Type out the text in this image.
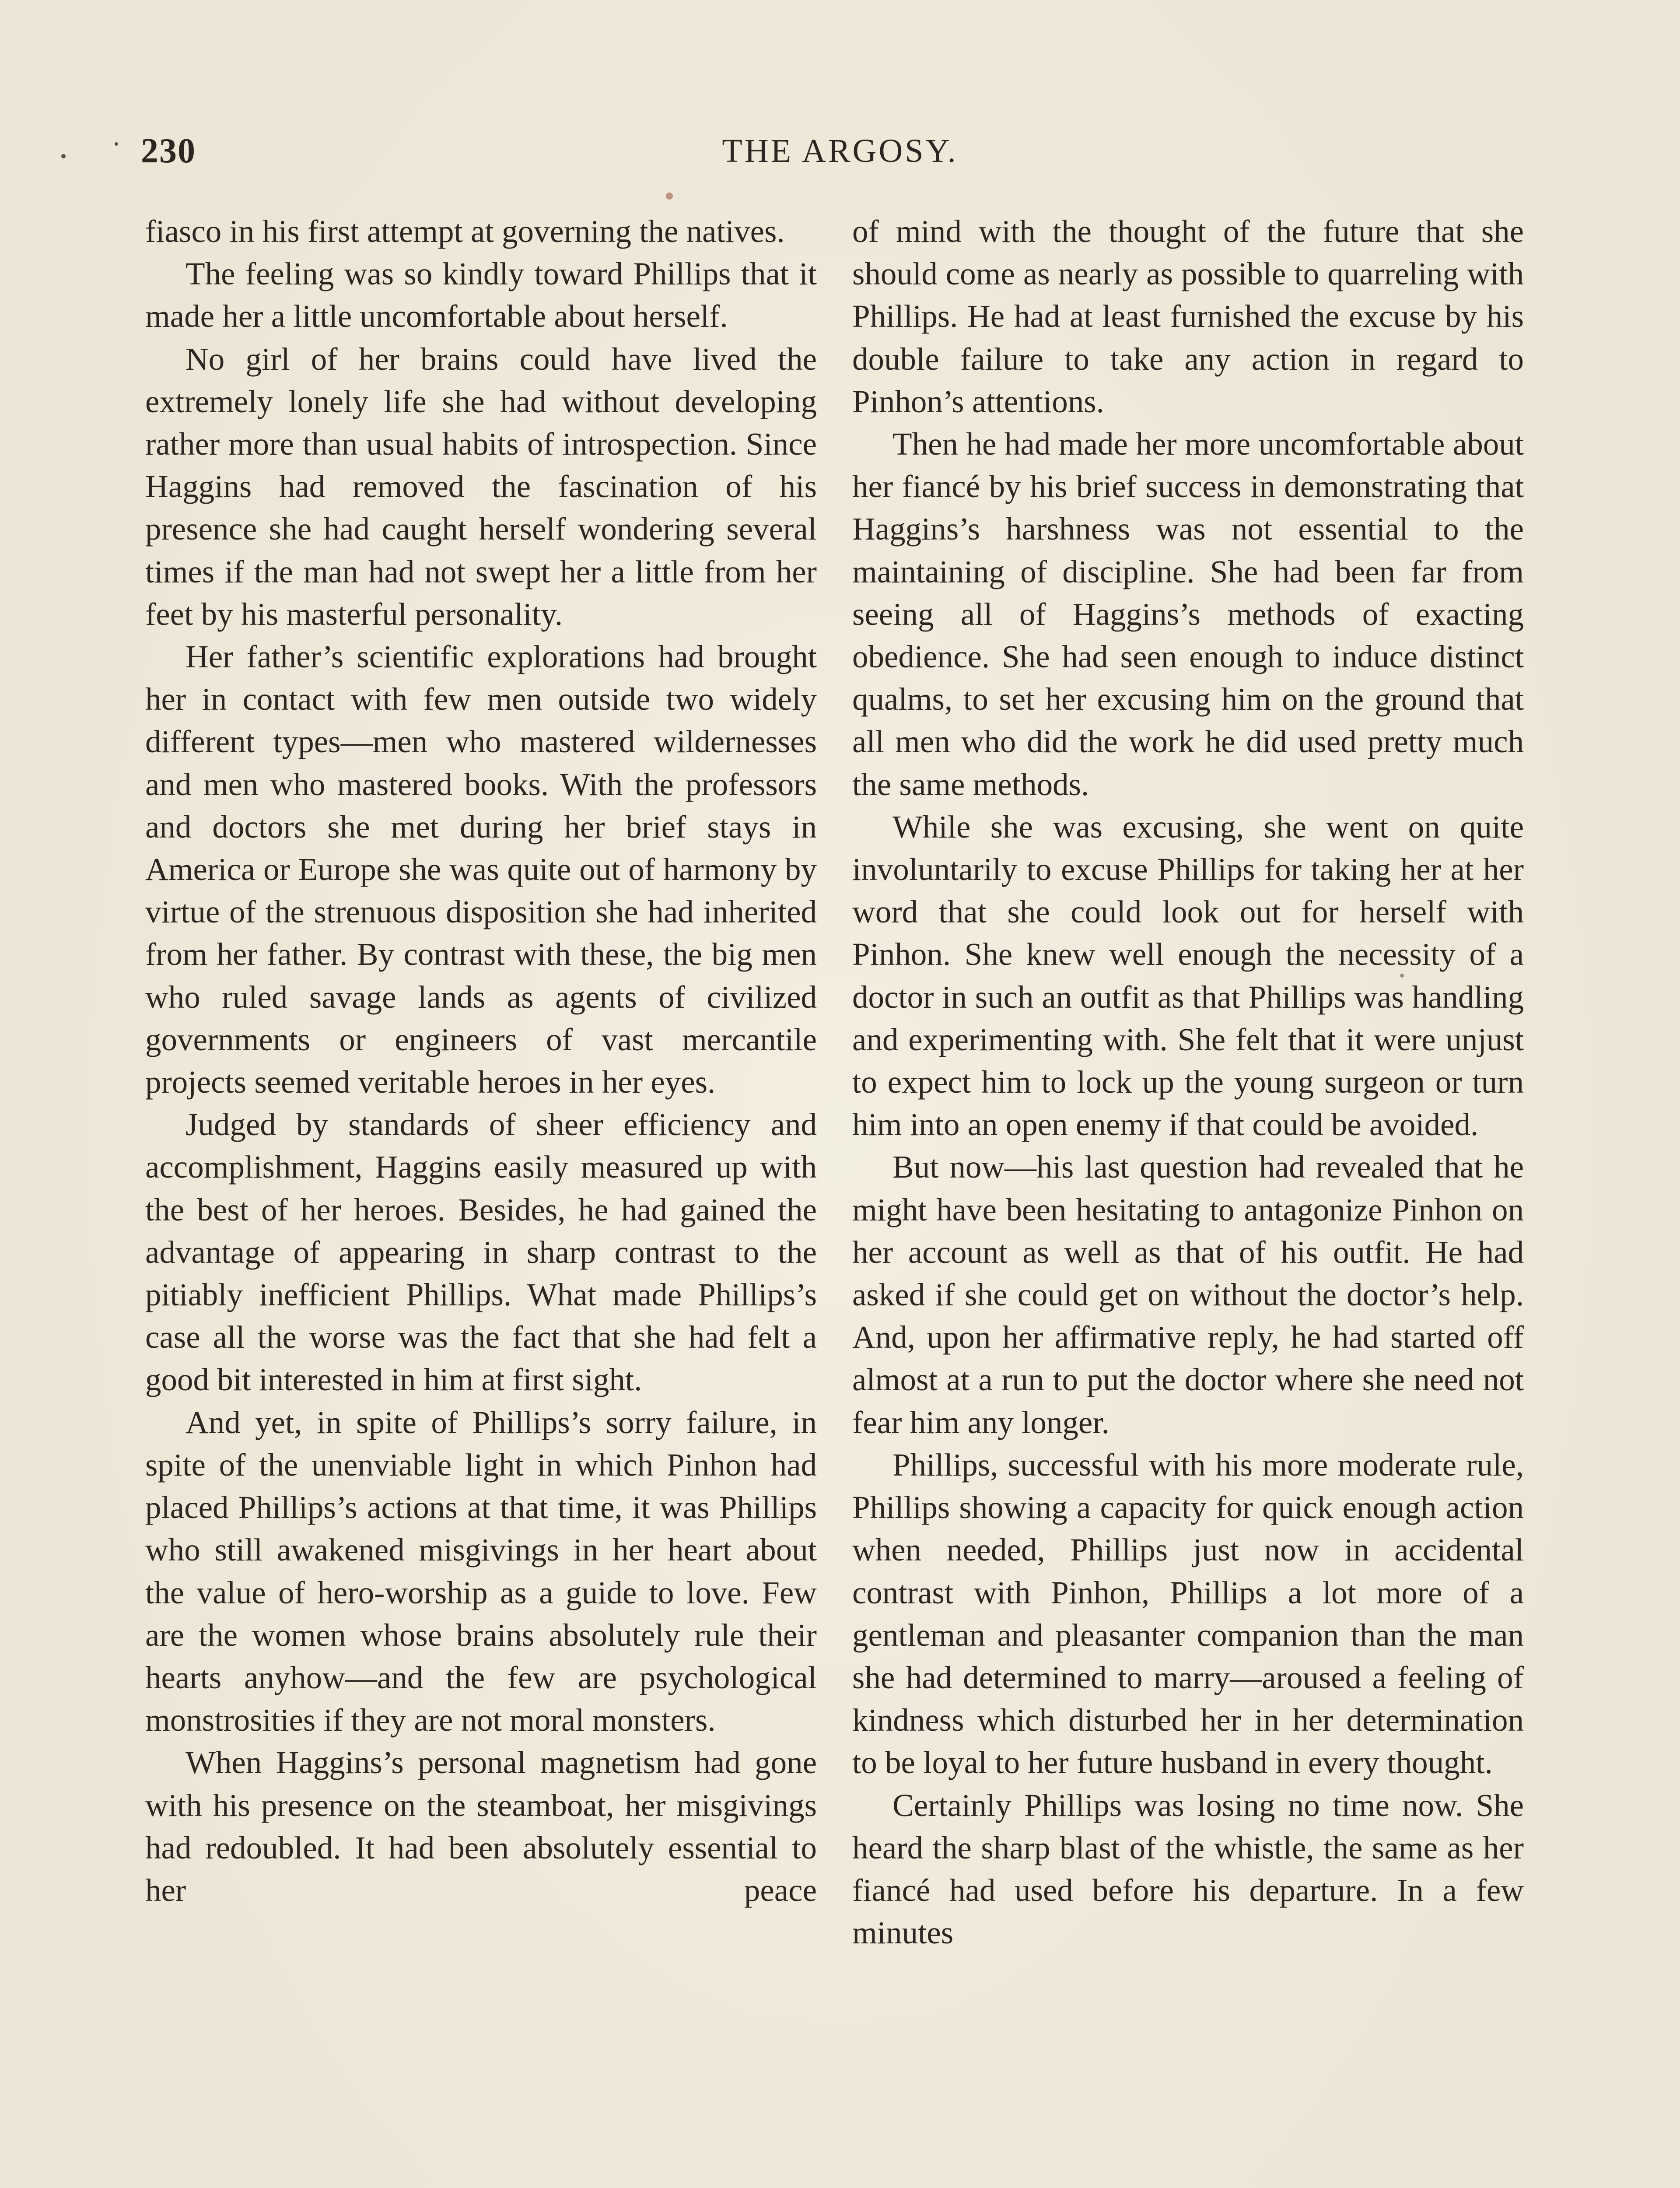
230	THE ARGOSY.

fiasco in his first attempt at governing the natives.

The feeling was so kindly toward Phillips that it made her a little uncomfortable about herself.

No girl of her brains could have lived the extremely lonely life she had without developing rather more than usual habits of introspection. Since Haggins had removed the fascination of his presence she had caught herself wondering several times if the man had not swept her a little from her feet by his masterful personality.

Her father’s scientific explorations had brought her in contact with few men outside two widely different types—men who mastered wildernesses and men who mastered books. With the professors and doctors she met during her brief stays in America or Europe she was quite out of harmony by virtue of the strenuous disposition she had inherited from her father. By contrast with these, the big men who ruled savage lands as agents of civilized governments or engineers of vast mercantile projects seemed veritable heroes in her eyes.

Judged by standards of sheer efficiency and accomplishment, Haggins easily measured up with the best of her heroes. Besides, he had gained the advantage of appearing in sharp contrast to the pitiably inefficient Phillips. What made Phillips’s case all the worse was the fact that she had felt a good bit interested in him at first sight.

And yet, in spite of Phillips’s sorry failure, in spite of the unenviable light in which Pinhon had placed Phillips’s actions at that time, it was Phillips who still awakened misgivings in her heart about the value of hero-worship as a guide to love. Few are the women whose brains absolutely rule their hearts anyhow—and the few are psychological monstrosities if they are not moral monsters.

When Haggins’s personal magnetism had gone with his presence on the steamboat, her misgivings had redoubled. It had been absolutely essential to her peace

of mind with the thought of the future that she should come as nearly as possible to quarreling with Phillips. He had at least furnished the excuse by his double failure to take any action in regard to Pinhon’s attentions.

Then he had made her more uncomfortable about her fiancé by his brief success in demonstrating that Haggins’s harshness was not essential to the maintaining of discipline. She had been far from seeing all of Haggins’s methods of exacting obedience. She had seen enough to induce distinct qualms, to set her excusing him on the ground that all men who did the work he did used pretty much the same methods.

While she was excusing, she went on quite involuntarily to excuse Phillips for taking her at her word that she could look out for herself with Pinhon. She knew well enough the necessity of a doctor in such an outfit as that Phillips was handling and experimenting with. She felt that it were unjust to expect him to lock up the young surgeon or turn him into an open enemy if that could be avoided.

But now—his last question had revealed that he might have been hesitating to antagonize Pinhon on her account as well as that of his outfit. He had asked if she could get on without the doctor’s help. And, upon her affirmative reply, he had started off almost at a run to put the doctor where she need not fear him any longer.

Phillips, successful with his more moderate rule, Phillips showing a capacity for quick enough action when needed, Phillips just now in accidental contrast with Pinhon, Phillips a lot more of a gentleman and pleasanter companion than the man she had determined to marry—aroused a feeling of kindness which disturbed her in her determination to be loyal to her future husband in every thought.

Certainly Phillips was losing no time now. She heard the sharp blast of the whistle, the same as her fiancé had used before his departure. In a few minutes
